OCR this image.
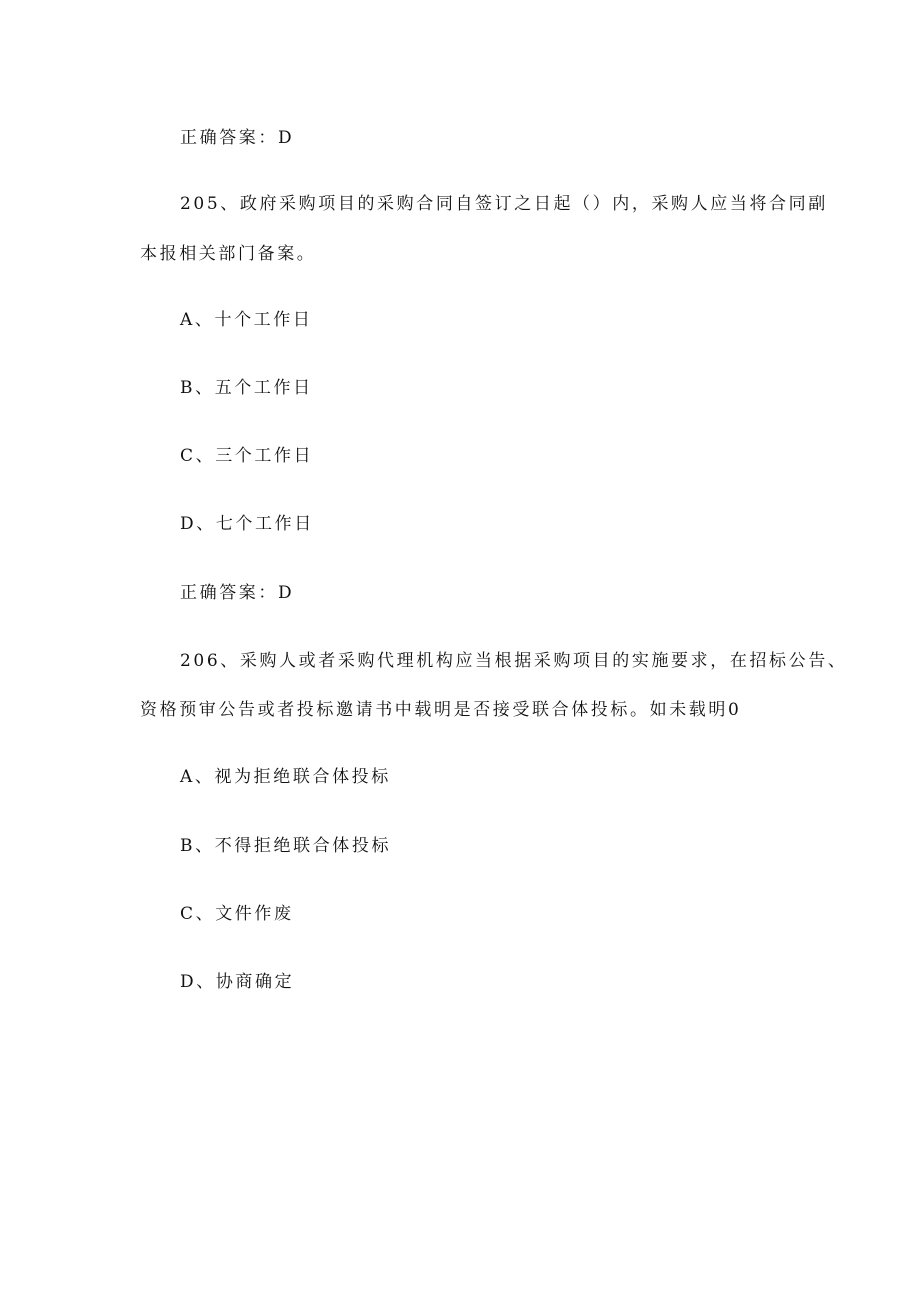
正确答案：D
205、政府采购项目的采购合同自签订之日起（）内，采购人应当将合同副
本报相关部门备案。
A、十个工作日
B、五个工作日
C、三个工作日
D、七个工作日
正确答案：D
206、采购人或者采购代理机构应当根据采购项目的实施要求，在招标公告、
资格预审公告或者投标邀请书中载明是否接受联合体投标。如未载明0
A、视为拒绝联合体投标
B、不得拒绝联合体投标
C、文件作废
D、协商确定
